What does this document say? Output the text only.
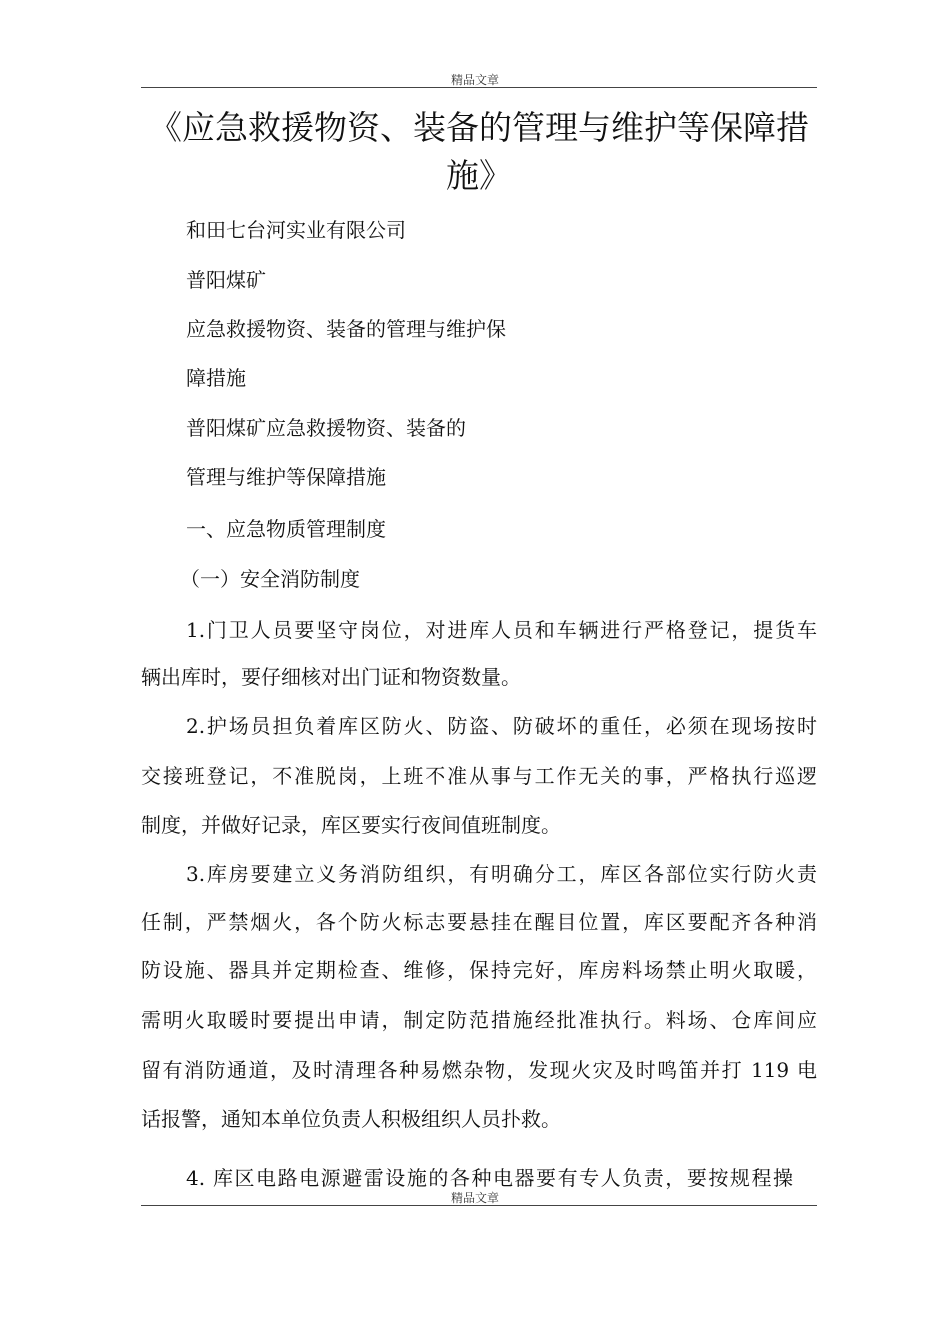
精品文章
《应急救援物资、装备的管理与维护等保障措
施》
和田七台河实业有限公司
普阳煤矿
应急救援物资、装备的管理与维护保
障措施
普阳煤矿应急救援物资、装备的
管理与维护等保障措施
一、应急物质管理制度
（一）安全消防制度
1.门卫人员要坚守岗位，对进库人员和车辆进行严格登记，提货车
辆出库时，要仔细核对出门证和物资数量。
2.护场员担负着库区防火、防盗、防破坏的重任，必须在现场按时
交接班登记，不准脱岗，上班不准从事与工作无关的事，严格执行巡逻
制度，并做好记录，库区要实行夜间值班制度。
3.库房要建立义务消防组织，有明确分工，库区各部位实行防火责
任制，严禁烟火，各个防火标志要悬挂在醒目位置，库区要配齐各种消
防设施、器具并定期检查、维修，保持完好，库房料场禁止明火取暖，
需明火取暖时要提出申请，制定防范措施经批准执行。料场、仓库间应
留有消防通道，及时清理各种易燃杂物，发现火灾及时鸣笛并打 119 电
话报警，通知本单位负责人积极组织人员扑救。
4. 库区电路电源避雷设施的各种电器要有专人负责，要按规程操
精品文章
